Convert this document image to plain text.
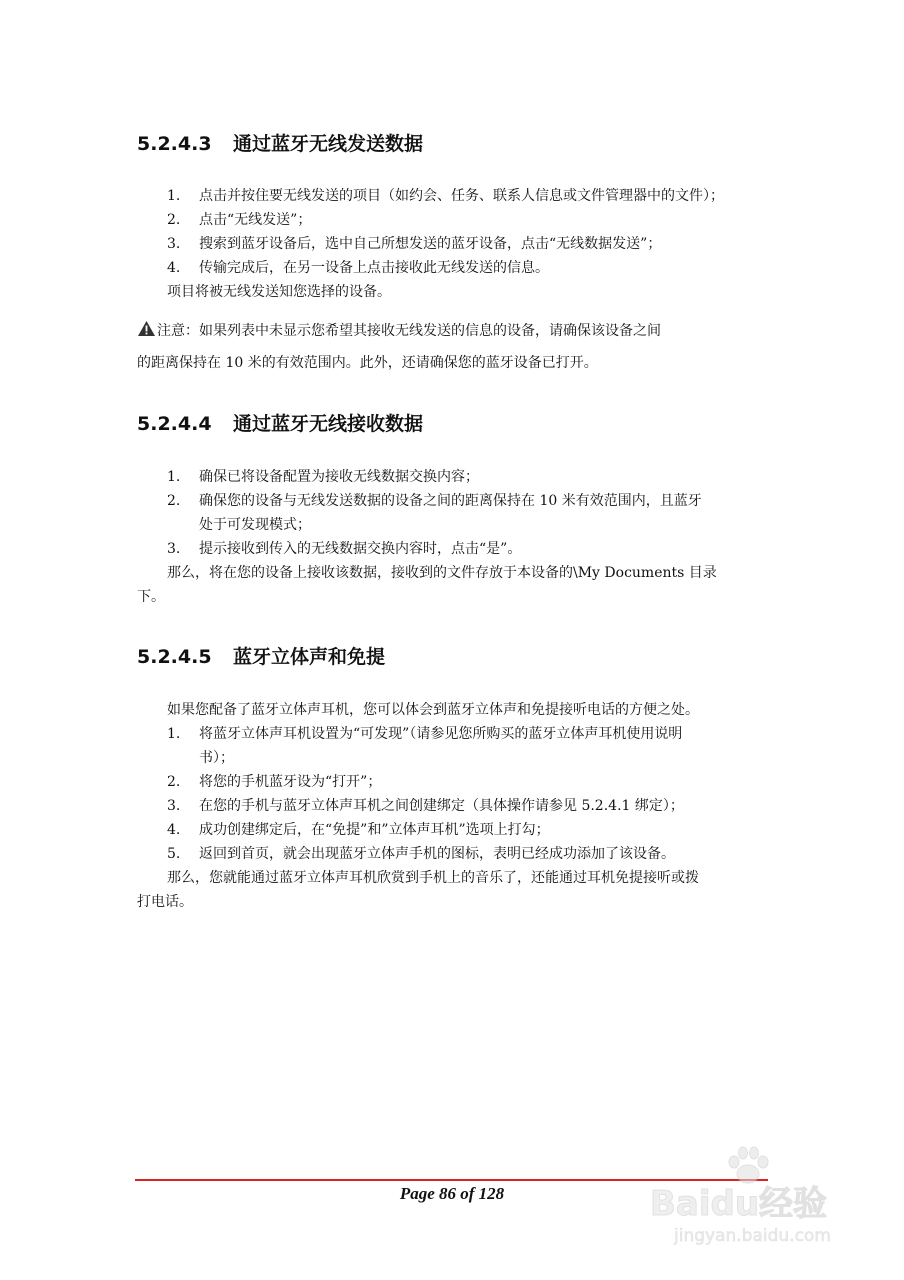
5.2.4.3 通过蓝牙无线发送数据
1. 点击并按住要无线发送的项目（如约会、任务、联系人信息或文件管理器中的文件）；
2. 点击“无线发送”；
3. 搜索到蓝牙设备后，选中自己所想发送的蓝牙设备，点击“无线数据发送”；
4. 传输完成后，在另一设备上点击接收此无线发送的信息。
项目将被无线发送知您选择的设备。
注意：如果列表中未显示您希望其接收无线发送的信息的设备，请确保该设备之间
的距离保持在 10 米的有效范围内。此外，还请确保您的蓝牙设备已打开。
5.2.4.4 通过蓝牙无线接收数据
1. 确保已将设备配置为接收无线数据交换内容；
2. 确保您的设备与无线发送数据的设备之间的距离保持在 10 米有效范围内，且蓝牙
处于可发现模式；
3. 提示接收到传入的无线数据交换内容时，点击“是”。
那么，将在您的设备上接收该数据，接收到的文件存放于本设备的\My Documents 目录
下。
5.2.4.5 蓝牙立体声和免提
如果您配备了蓝牙立体声耳机，您可以体会到蓝牙立体声和免提接听电话的方便之处。
1. 将蓝牙立体声耳机设置为“可发现”（请参见您所购买的蓝牙立体声耳机使用说明
书）；
2. 将您的手机蓝牙设为“打开”；
3. 在您的手机与蓝牙立体声耳机之间创建绑定（具体操作请参见 5.2.4.1 绑定）；
4. 成功创建绑定后，在“免提”和”立体声耳机”选项上打勾；
5. 返回到首页，就会出现蓝牙立体声手机的图标，表明已经成功添加了该设备。
那么，您就能通过蓝牙立体声耳机欣赏到手机上的音乐了，还能通过耳机免提接听或拨
打电话。
Page 86 of 128	Baidu经验
jingyan.baidu.com
